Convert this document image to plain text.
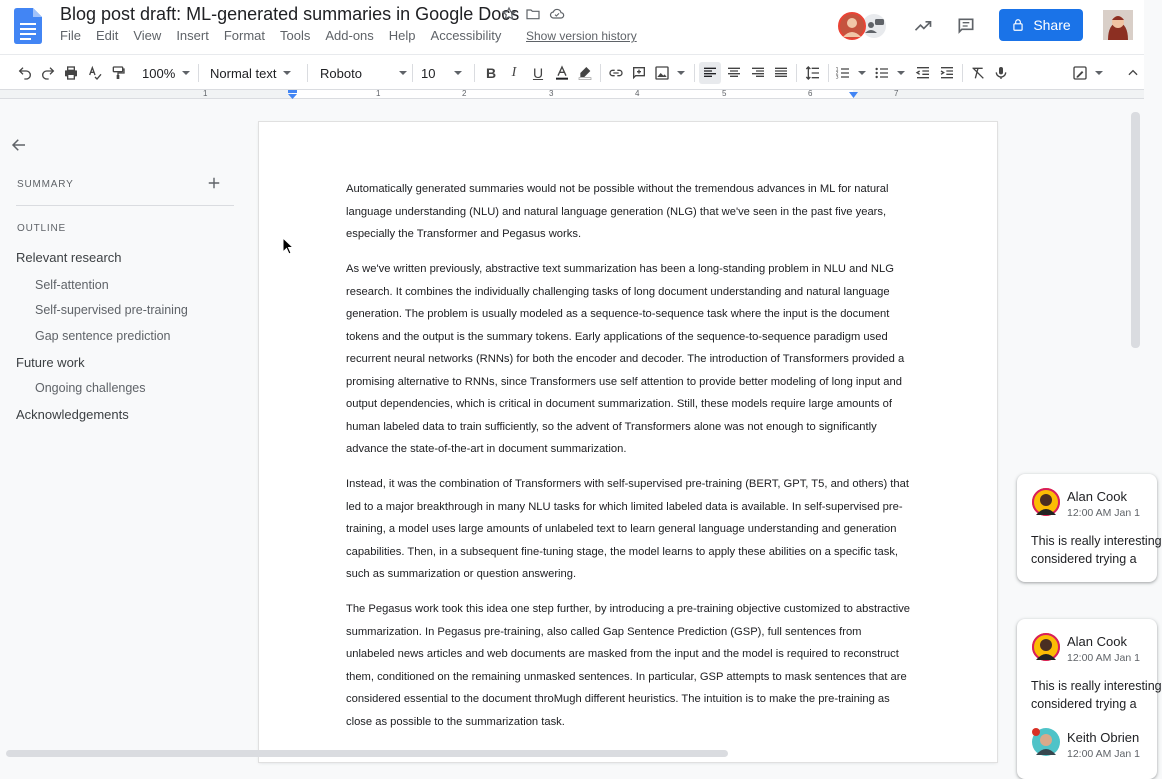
Blog post draft: ML-generated summaries in Google Docs
File Edit View Insert Format Tools Add-ons Help Accessibility Show version history
Share
100%	Normal text	Roboto	10	B	I	U	1
2
3
1	1	2	3	4	5	6	7
SUMMARY
OUTLINE
Relevant research
Self-attention
Self-supervised pre-training
Gap sentence prediction
Future work
Ongoing challenges
Acknowledgements

Automatically generated summaries would not be possible without the tremendous advances in ML for natural language understanding (NLU) and natural language generation (NLG) that we've seen in the past five years, especially the Transformer and Pegasus works.

As we've written previously, abstractive text summarization has been a long-standing problem in NLU and NLG research. It combines the individually challenging tasks of long document understanding and natural language generation. The problem is usually modeled as a sequence-to-sequence task where the input is the document tokens and the output is the summary tokens. Early applications of the sequence-to-sequence paradigm used recurrent neural networks (RNNs) for both the encoder and decoder. The introduction of Transformers provided a promising alternative to RNNs, since Transformers use self attention to provide better modeling of long input and output dependencies, which is critical in document summarization. Still, these models require large amounts of human labeled data to train sufficiently, so the advent of Transformers alone was not enough to significantly advance the state-of-the-art in document summarization.

Instead, it was the combination of Transformers with self-supervised pre-training (BERT, GPT, T5, and others) that led to a major breakthrough in many NLU tasks for which limited labeled data is available. In self-supervised pre-training, a model uses large amounts of unlabeled text to learn general language understanding and generation capabilities. Then, in a subsequent fine-tuning stage, the model learns to apply these abilities on a specific task, such as summarization or question answering.

The Pegasus work took this idea one step further, by introducing a pre-training objective customized to abstractive summarization. In Pegasus pre-training, also called Gap Sentence Prediction (GSP), full sentences from unlabeled news articles and web documents are masked from the input and the model is required to reconstruct them, conditioned on the remaining unmasked sentences. In particular, GSP attempts to mask sentences that are considered essential to the document throMugh different heuristics. The intuition is to make the pre-training as close as possible to the summarization task.

Alan Cook
12:00 AM Jan 1
This is really interesting
considered trying a
Alan Cook
12:00 AM Jan 1
This is really interesting
considered trying a
Keith Obrien
12:00 AM Jan 1
